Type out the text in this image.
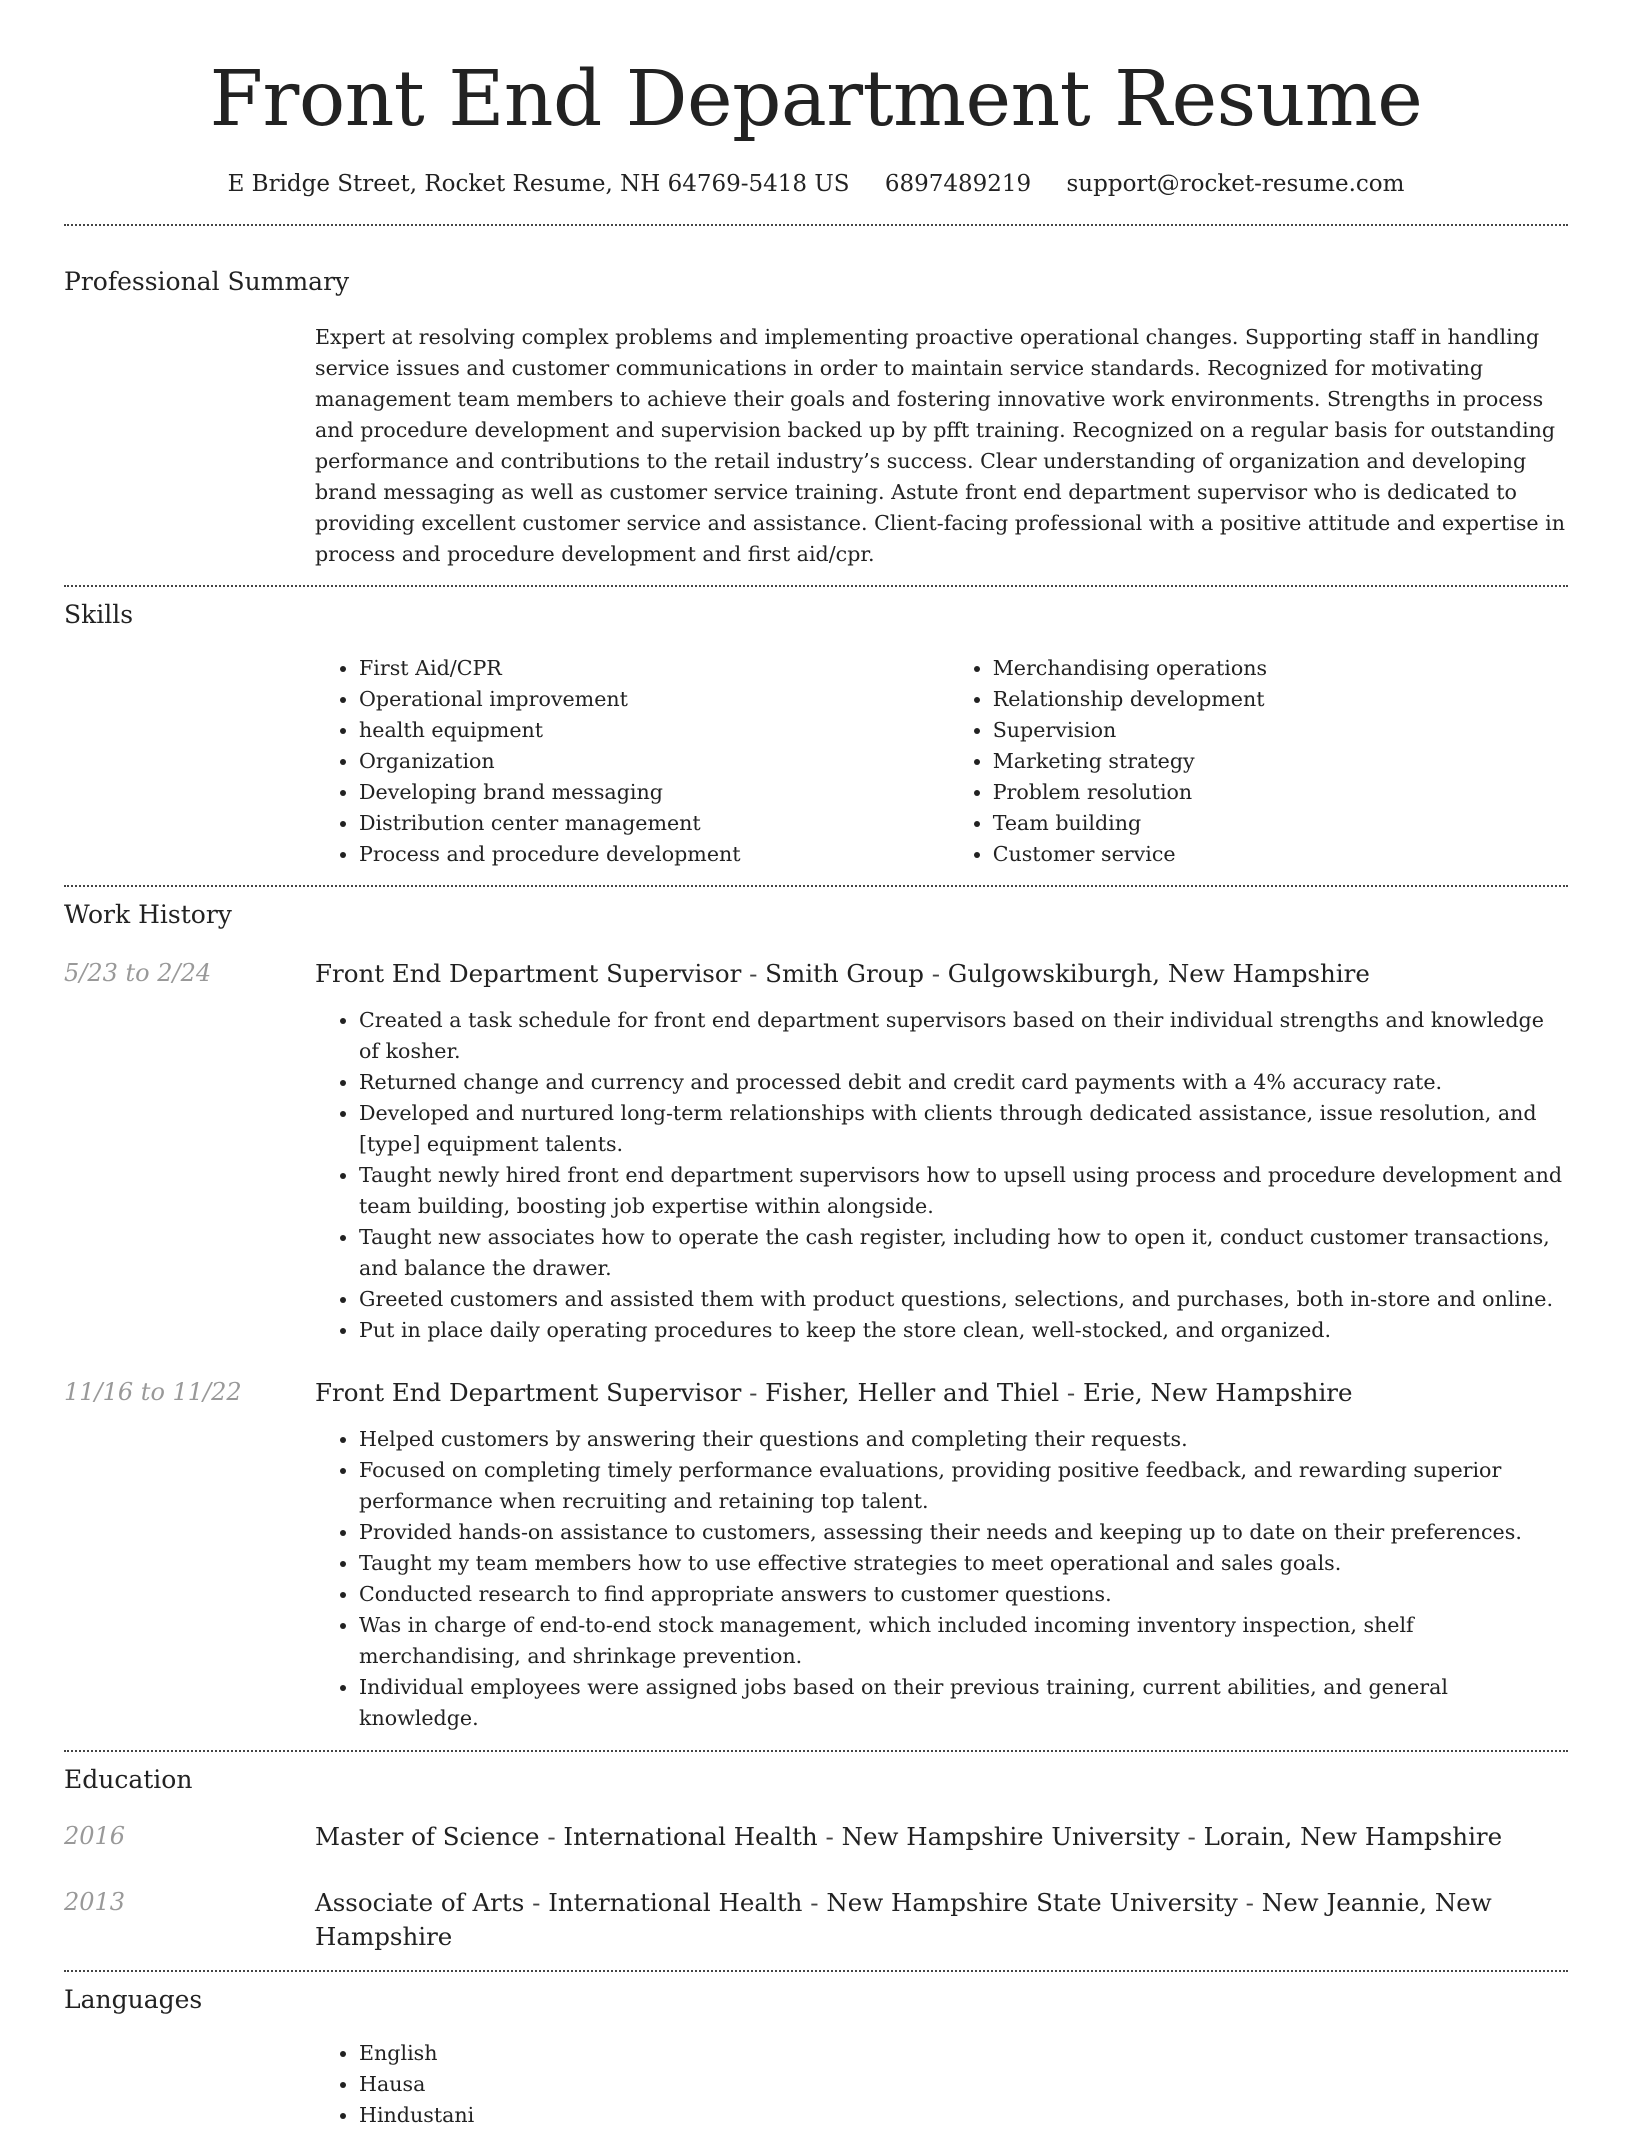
Front End Department Resume
E Bridge Street, Rocket Resume, NH 64769-5418 US 6897489219 support@rocket-resume.com
Professional Summary

Expert at resolving complex problems and implementing proactive operational changes. Supporting staff in handling service issues and customer communications in order to maintain service standards. Recognized for motivating management team members to achieve their goals and fostering innovative work environments. Strengths in process and procedure development and supervision backed up by pfft training. Recognized on a regular basis for outstanding performance and contributions to the retail industry’s success. Clear understanding of organization and developing brand messaging as well as customer service training. Astute front end department supervisor who is dedicated to providing excellent customer service and assistance. Client-facing professional with a positive attitude and expertise in process and procedure development and first aid/cpr.

Skills
• First Aid/CPR
• Operational improvement
• health equipment
• Organization
• Developing brand messaging
• Distribution center management
• Process and procedure development
• Merchandising operations
• Relationship development
• Supervision
• Marketing strategy
• Problem resolution
• Team building
• Customer service
Work History
5/23 to 2/24	Front End Department Supervisor - Smith Group - Gulgowskiburgh, New Hampshire

• Created a task schedule for front end department supervisors based on their individual strengths and knowledge of kosher.
• Returned change and currency and processed debit and credit card payments with a 4% accuracy rate.
• Developed and nurtured long-term relationships with clients through dedicated assistance, issue resolution, and [type] equipment talents.
• Taught newly hired front end department supervisors how to upsell using process and procedure development and team building, boosting job expertise within alongside.
• Taught new associates how to operate the cash register, including how to open it, conduct customer transactions, and balance the drawer.
• Greeted customers and assisted them with product questions, selections, and purchases, both in-store and online.
• Put in place daily operating procedures to keep the store clean, well-stocked, and organized.
11/16 to 11/22	Front End Department Supervisor - Fisher, Heller and Thiel - Erie, New Hampshire

• Helped customers by answering their questions and completing their requests.
• Focused on completing timely performance evaluations, providing positive feedback, and rewarding superior performance when recruiting and retaining top talent.
• Provided hands-on assistance to customers, assessing their needs and keeping up to date on their preferences.
• Taught my team members how to use effective strategies to meet operational and sales goals.
• Conducted research to find appropriate answers to customer questions.
• Was in charge of end-to-end stock management, which included incoming inventory inspection, shelf merchandising, and shrinkage prevention.
• Individual employees were assigned jobs based on their previous training, current abilities, and general knowledge.
Education
2016	Master of Science - International Health - New Hampshire University - Lorain, New Hampshire

2013	Associate of Arts - International Health - New Hampshire State University - New Jeannie, New Hampshire

Languages
• English
• Hausa
• Hindustani
